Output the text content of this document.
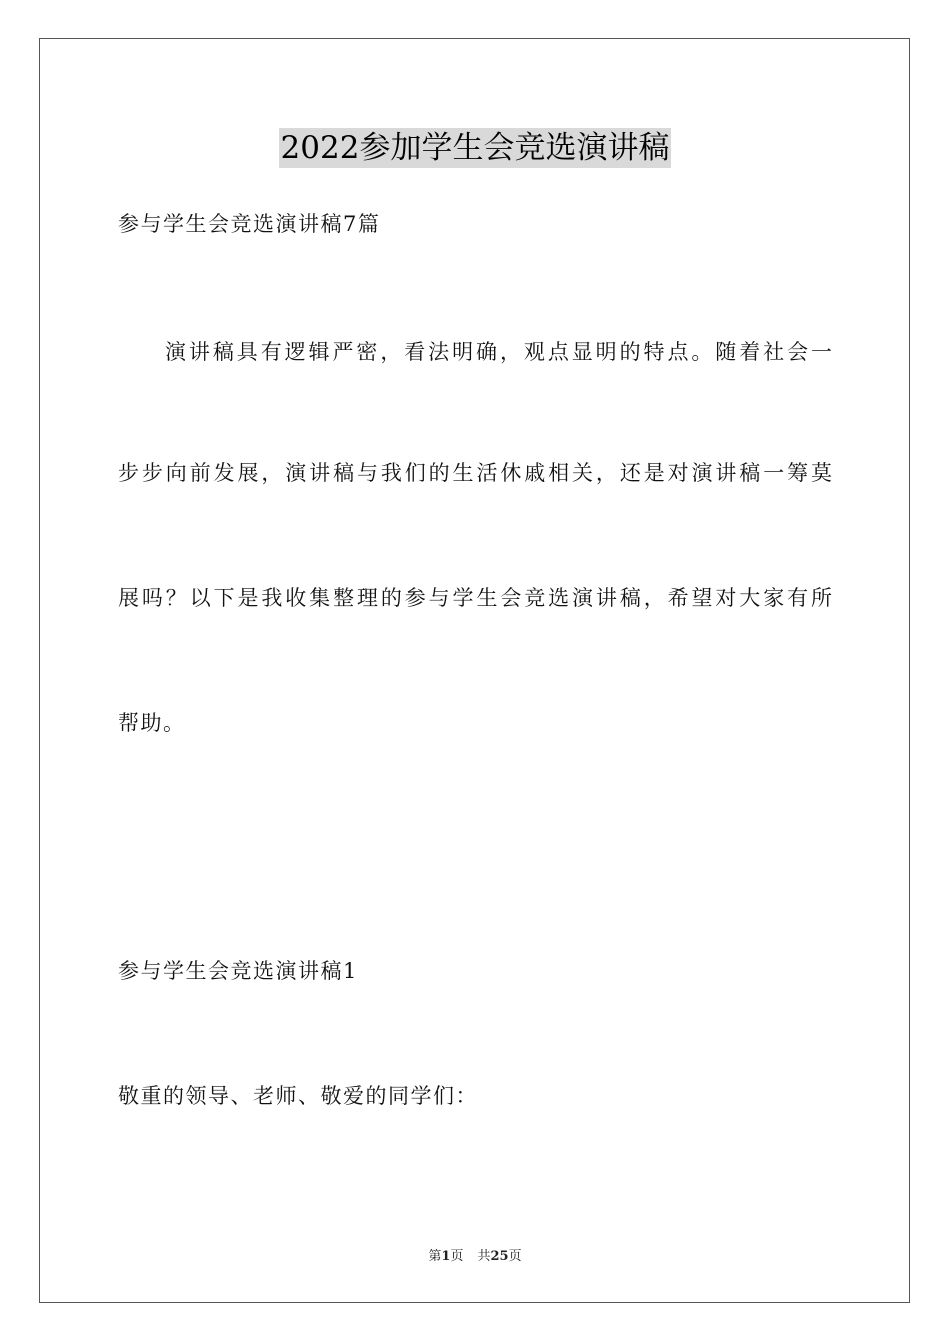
2022参加学生会竞选演讲稿
参与学生会竞选演讲稿7篇
演讲稿具有逻辑严密，看法明确，观点显明的特点。随着社会一
步步向前发展，演讲稿与我们的生活休戚相关，还是对演讲稿一筹莫
展吗？以下是我收集整理的参与学生会竞选演讲稿，希望对大家有所
帮助。
参与学生会竞选演讲稿1
敬重的领导、老师、敬爱的同学们：
第1页 共25页
